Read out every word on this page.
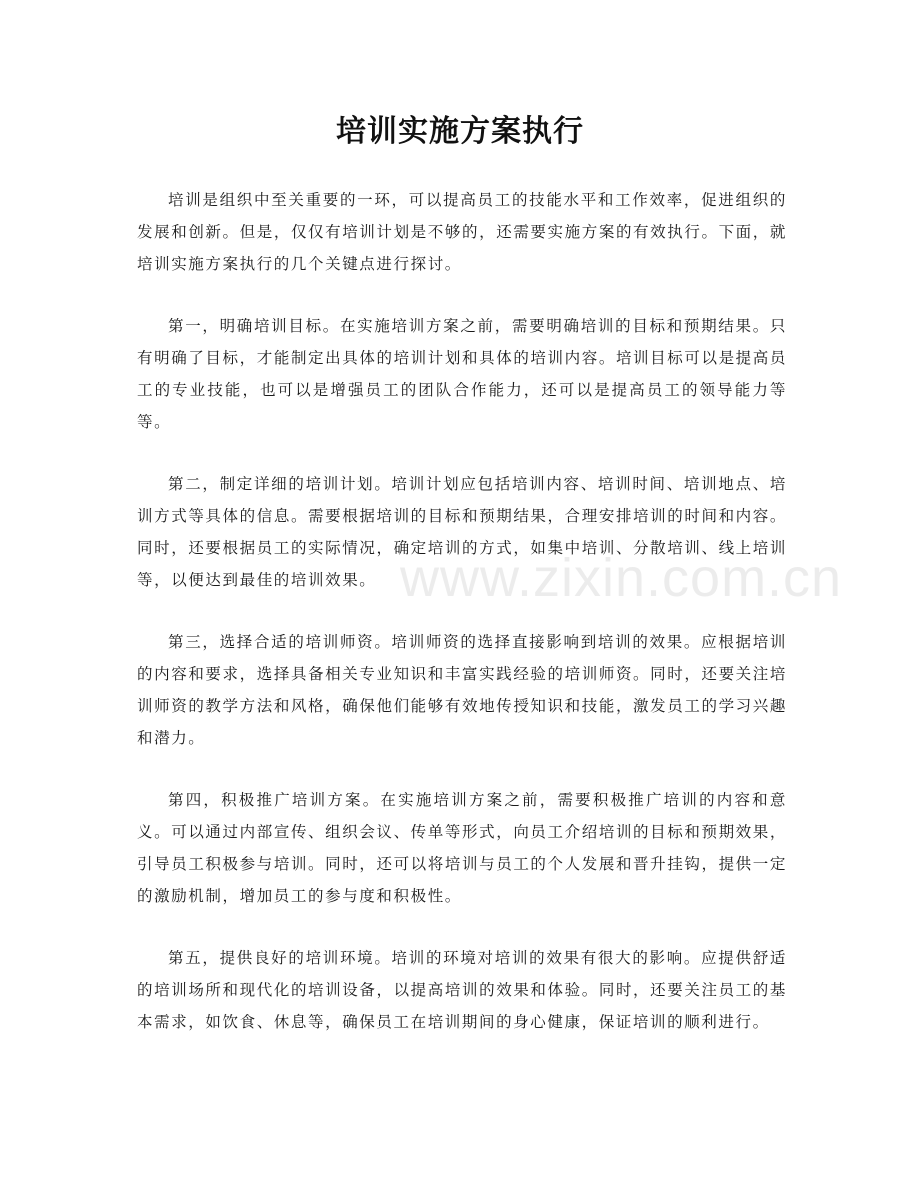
培训实施方案执行

培训是组织中至关重要的一环，可以提高员工的技能水平和工作效率，促进组织的发展和创新。但是，仅仅有培训计划是不够的，还需要实施方案的有效执行。下面，就培训实施方案执行的几个关键点进行探讨。

第一，明确培训目标。在实施培训方案之前，需要明确培训的目标和预期结果。只有明确了目标，才能制定出具体的培训计划和具体的培训内容。培训目标可以是提高员工的专业技能，也可以是增强员工的团队合作能力，还可以是提高员工的领导能力等等。

第二，制定详细的培训计划。培训计划应包括培训内容、培训时间、培训地点、培训方式等具体的信息。需要根据培训的目标和预期结果，合理安排培训的时间和内容。同时，还要根据员工的实际情况，确定培训的方式，如集中培训、分散培训、线上培训等，以便达到最佳的培训效果。

第三，选择合适的培训师资。培训师资的选择直接影响到培训的效果。应根据培训的内容和要求，选择具备相关专业知识和丰富实践经验的培训师资。同时，还要关注培训师资的教学方法和风格，确保他们能够有效地传授知识和技能，激发员工的学习兴趣和潜力。

第四，积极推广培训方案。在实施培训方案之前，需要积极推广培训的内容和意义。可以通过内部宣传、组织会议、传单等形式，向员工介绍培训的目标和预期效果，引导员工积极参与培训。同时，还可以将培训与员工的个人发展和晋升挂钩，提供一定的激励机制，增加员工的参与度和积极性。

第五，提供良好的培训环境。培训的环境对培训的效果有很大的影响。应提供舒适的培训场所和现代化的培训设备，以提高培训的效果和体验。同时，还要关注员工的基本需求，如饮食、休息等，确保员工在培训期间的身心健康，保证培训的顺利进行。

www.zixin.com.cn
